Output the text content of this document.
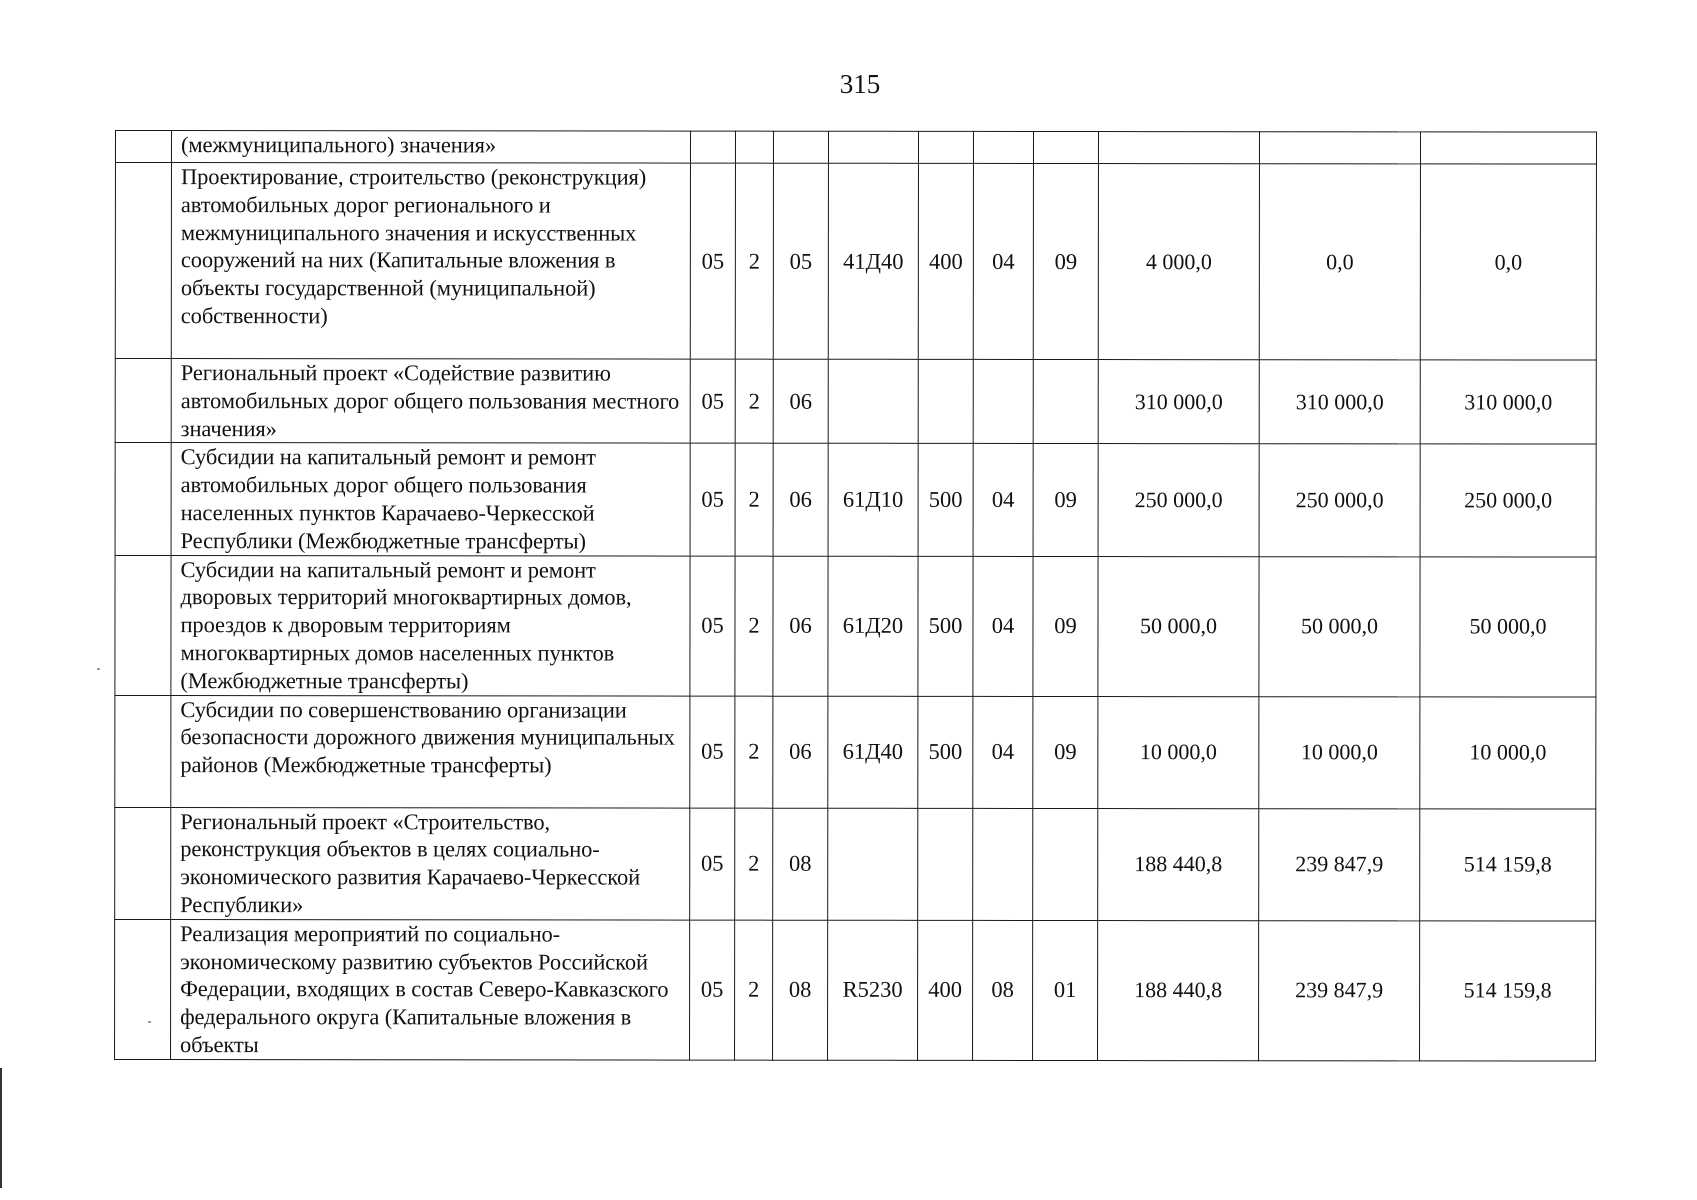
315
	(межмуниципального) значения»										
	Проектирование, строительство (реконструкция) автомобильных дорог регионального и межмуниципального значения и искусственных сооружений на них (Капитальные вложения в объекты государственной (муниципальной) собственности)	05	2	05	41Д40	400	04	09	4 000,0	0,0	0,0
	Региональный проект «Содействие развитию автомобильных дорог общего пользования местного значения»	05	2	06					310 000,0	310 000,0	310 000,0
	Субсидии на капитальный ремонт и ремонт автомобильных дорог общего пользования населенных пунктов Карачаево-Черкесской Республики (Межбюджетные трансферты)	05	2	06	61Д10	500	04	09	250 000,0	250 000,0	250 000,0
	Субсидии на капитальный ремонт и ремонт дворовых территорий многоквартирных домов, проездов к дворовым территориям многоквартирных домов населенных пунктов (Межбюджетные трансферты)	05	2	06	61Д20	500	04	09	50 000,0	50 000,0	50 000,0
	Субсидии по совершенствованию организации безопасности дорожного движения муниципальных районов (Межбюджетные трансферты)	05	2	06	61Д40	500	04	09	10 000,0	10 000,0	10 000,0
	Региональный проект «Строительство, реконструкция объектов в целях социально-экономического развития Карачаево-Черкесской Республики»	05	2	08					188 440,8	239 847,9	514 159,8
	Реализация мероприятий по социально-экономическому развитию субъектов Российской Федерации, входящих в состав Северо-Кавказского федерального округа (Капитальные вложения в объекты	05	2	08	R5230	400	08	01	188 440,8	239 847,9	514 159,8
